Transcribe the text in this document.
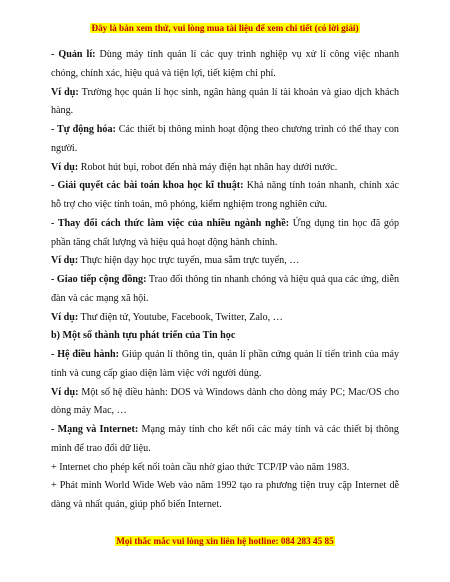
Đây là bản xem thử, vui lòng mua tài liệu để xem chi tiết (có lời giải)

- Quản lí: Dùng máy tính quản lí các quy trình nghiệp vụ xử lí công việc nhanh chóng, chính xác, hiệu quả và tiện lợi, tiết kiệm chi phí.

Ví dụ: Trường học quản lí học sinh, ngân hàng quản lí tài khoản và giao dịch khách hàng.

- Tự động hóa: Các thiết bị thông minh hoạt động theo chương trình có thể thay con người.

Ví dụ: Robot hút bụi, robot đến nhà máy điện hạt nhân hay dưới nước.

- Giải quyết các bài toán khoa học kĩ thuật: Khả năng tính toán nhanh, chính xác hỗ trợ cho việc tính toán, mô phỏng, kiểm nghiệm trong nghiên cứu.

- Thay đổi cách thức làm việc của nhiều ngành nghề: Ứng dụng tin học đã góp phần tăng chất lượng và hiệu quả hoạt động hành chính.

Ví dụ: Thực hiện dạy học trực tuyến, mua sắm trực tuyến, …

- Giao tiếp cộng đồng: Trao đổi thông tin nhanh chóng và hiệu quả qua các ứng, diễn đàn và các mạng xã hội.

Ví dụ: Thư điện tử, Youtube, Facebook, Twitter, Zalo, …

b) Một số thành tựu phát triển của Tin học

- Hệ điều hành: Giúp quản lí thông tin, quản lí phần cứng quản lí tiến trình của máy tính và cung cấp giao diện làm việc với người dùng.

Ví dụ: Một số hệ điều hành: DOS và Windows dành cho dòng máy PC; Mac/OS cho dòng máy Mac, …

- Mạng và Internet: Mạng máy tính cho kết nối các máy tính và các thiết bị thông minh để trao đổi dữ liệu.

+ Internet cho phép kết nối toàn cầu nhờ giao thức TCP/IP vào năm 1983.

+ Phát minh World Wide Web vào năm 1992 tạo ra phương tiện truy cập Internet dễ dàng và nhất quán, giúp phổ biến Internet.

Mọi thắc mắc vui lòng xin liên hệ hotline: 084 283 45 85
